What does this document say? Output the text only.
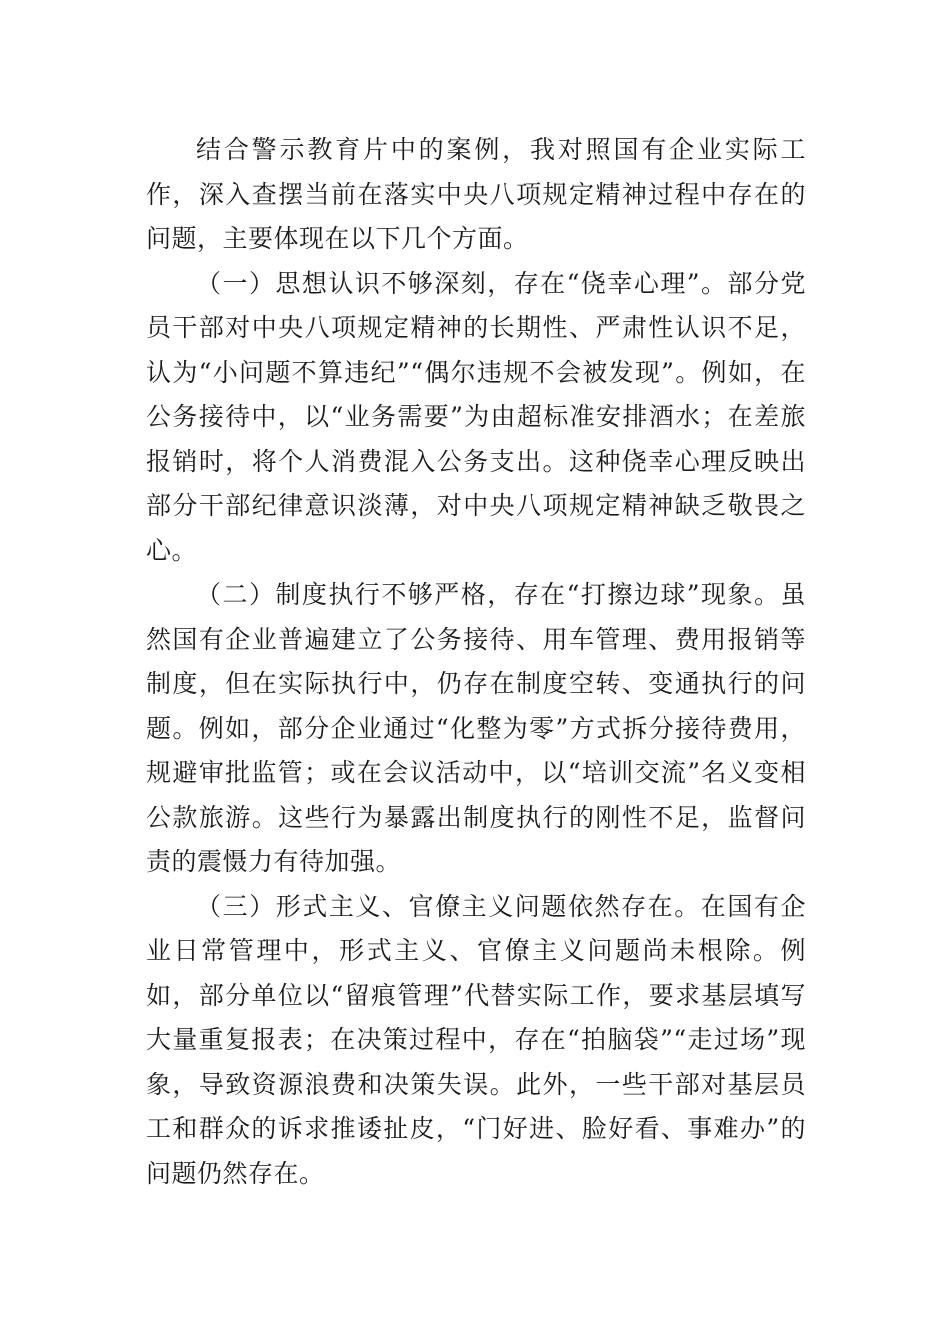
结合警示教育片中的案例，我对照国有企业实际工作，深入查摆当前在落实中央八项规定精神过程中存在的问题，主要体现在以下几个方面。

（一）思想认识不够深刻，存在“侥幸心理”。部分党员干部对中央八项规定精神的长期性、严肃性认识不足，认为“小问题不算违纪”“偶尔违规不会被发现”。例如，在公务接待中，以“业务需要”为由超标准安排酒水；在差旅报销时，将个人消费混入公务支出。这种侥幸心理反映出部分干部纪律意识淡薄，对中央八项规定精神缺乏敬畏之心。

（二）制度执行不够严格，存在“打擦边球”现象。虽然国有企业普遍建立了公务接待、用车管理、费用报销等制度，但在实际执行中，仍存在制度空转、变通执行的问题。例如，部分企业通过“化整为零”方式拆分接待费用，规避审批监管；或在会议活动中，以“培训交流”名义变相公款旅游。这些行为暴露出制度执行的刚性不足，监督问责的震慑力有待加强。

（三）形式主义、官僚主义问题依然存在。在国有企业日常管理中，形式主义、官僚主义问题尚未根除。例如，部分单位以“留痕管理”代替实际工作，要求基层填写大量重复报表；在决策过程中，存在“拍脑袋”“走过场”现象，导致资源浪费和决策失误。此外，一些干部对基层员工和群众的诉求推诿扯皮，“门好进、脸好看、事难办”的问题仍然存在。
